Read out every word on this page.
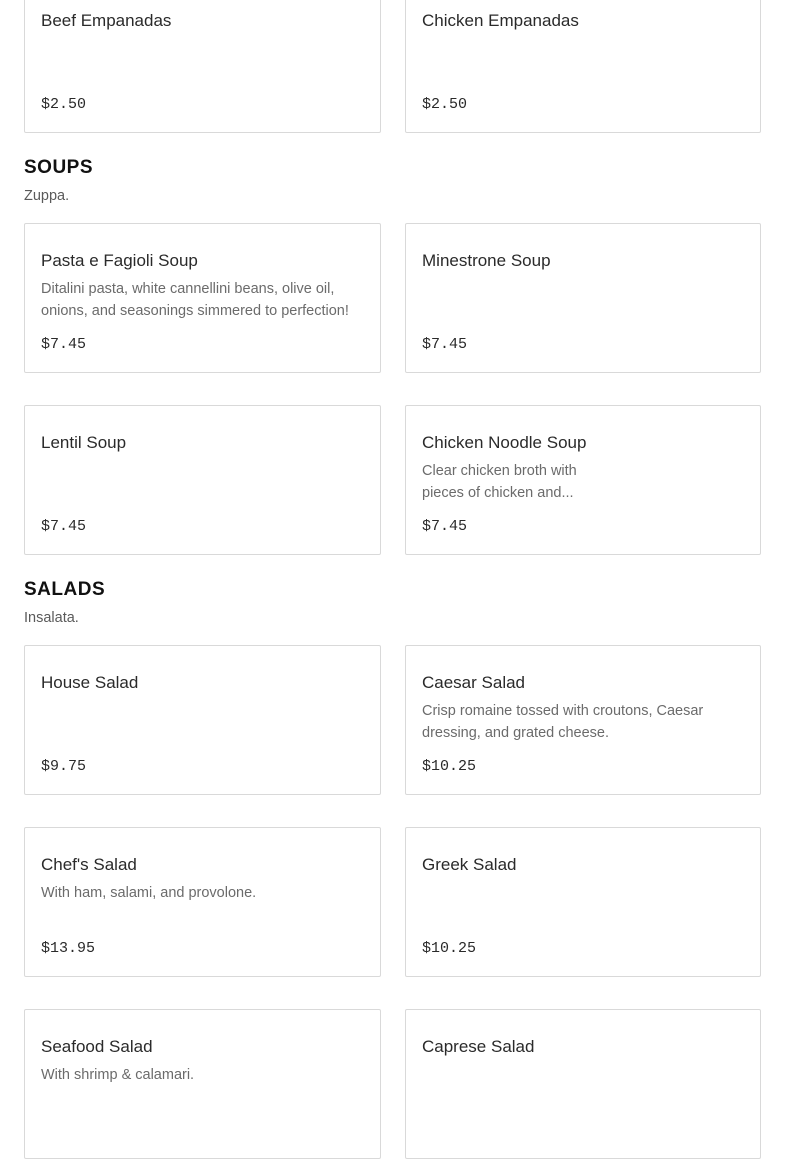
Beef Empanadas
$2.50
Chicken Empanadas
$2.50
SOUPS
Zuppa.
Pasta e Fagioli Soup
Ditalini pasta, white cannellini beans, olive oil, onions, and seasonings simmered to perfection!
$7.45
Minestrone Soup
$7.45
Lentil Soup
$7.45
Chicken Noodle Soup
Clear chicken broth with pieces of chicken and...
$7.45
SALADS
Insalata.
House Salad
$9.75
Caesar Salad
Crisp romaine tossed with croutons, Caesar dressing, and grated cheese.
$10.25
Chef's Salad
With ham, salami, and provolone.
$13.95
Greek Salad
$10.25
Seafood Salad
With shrimp & calamari.
Caprese Salad
